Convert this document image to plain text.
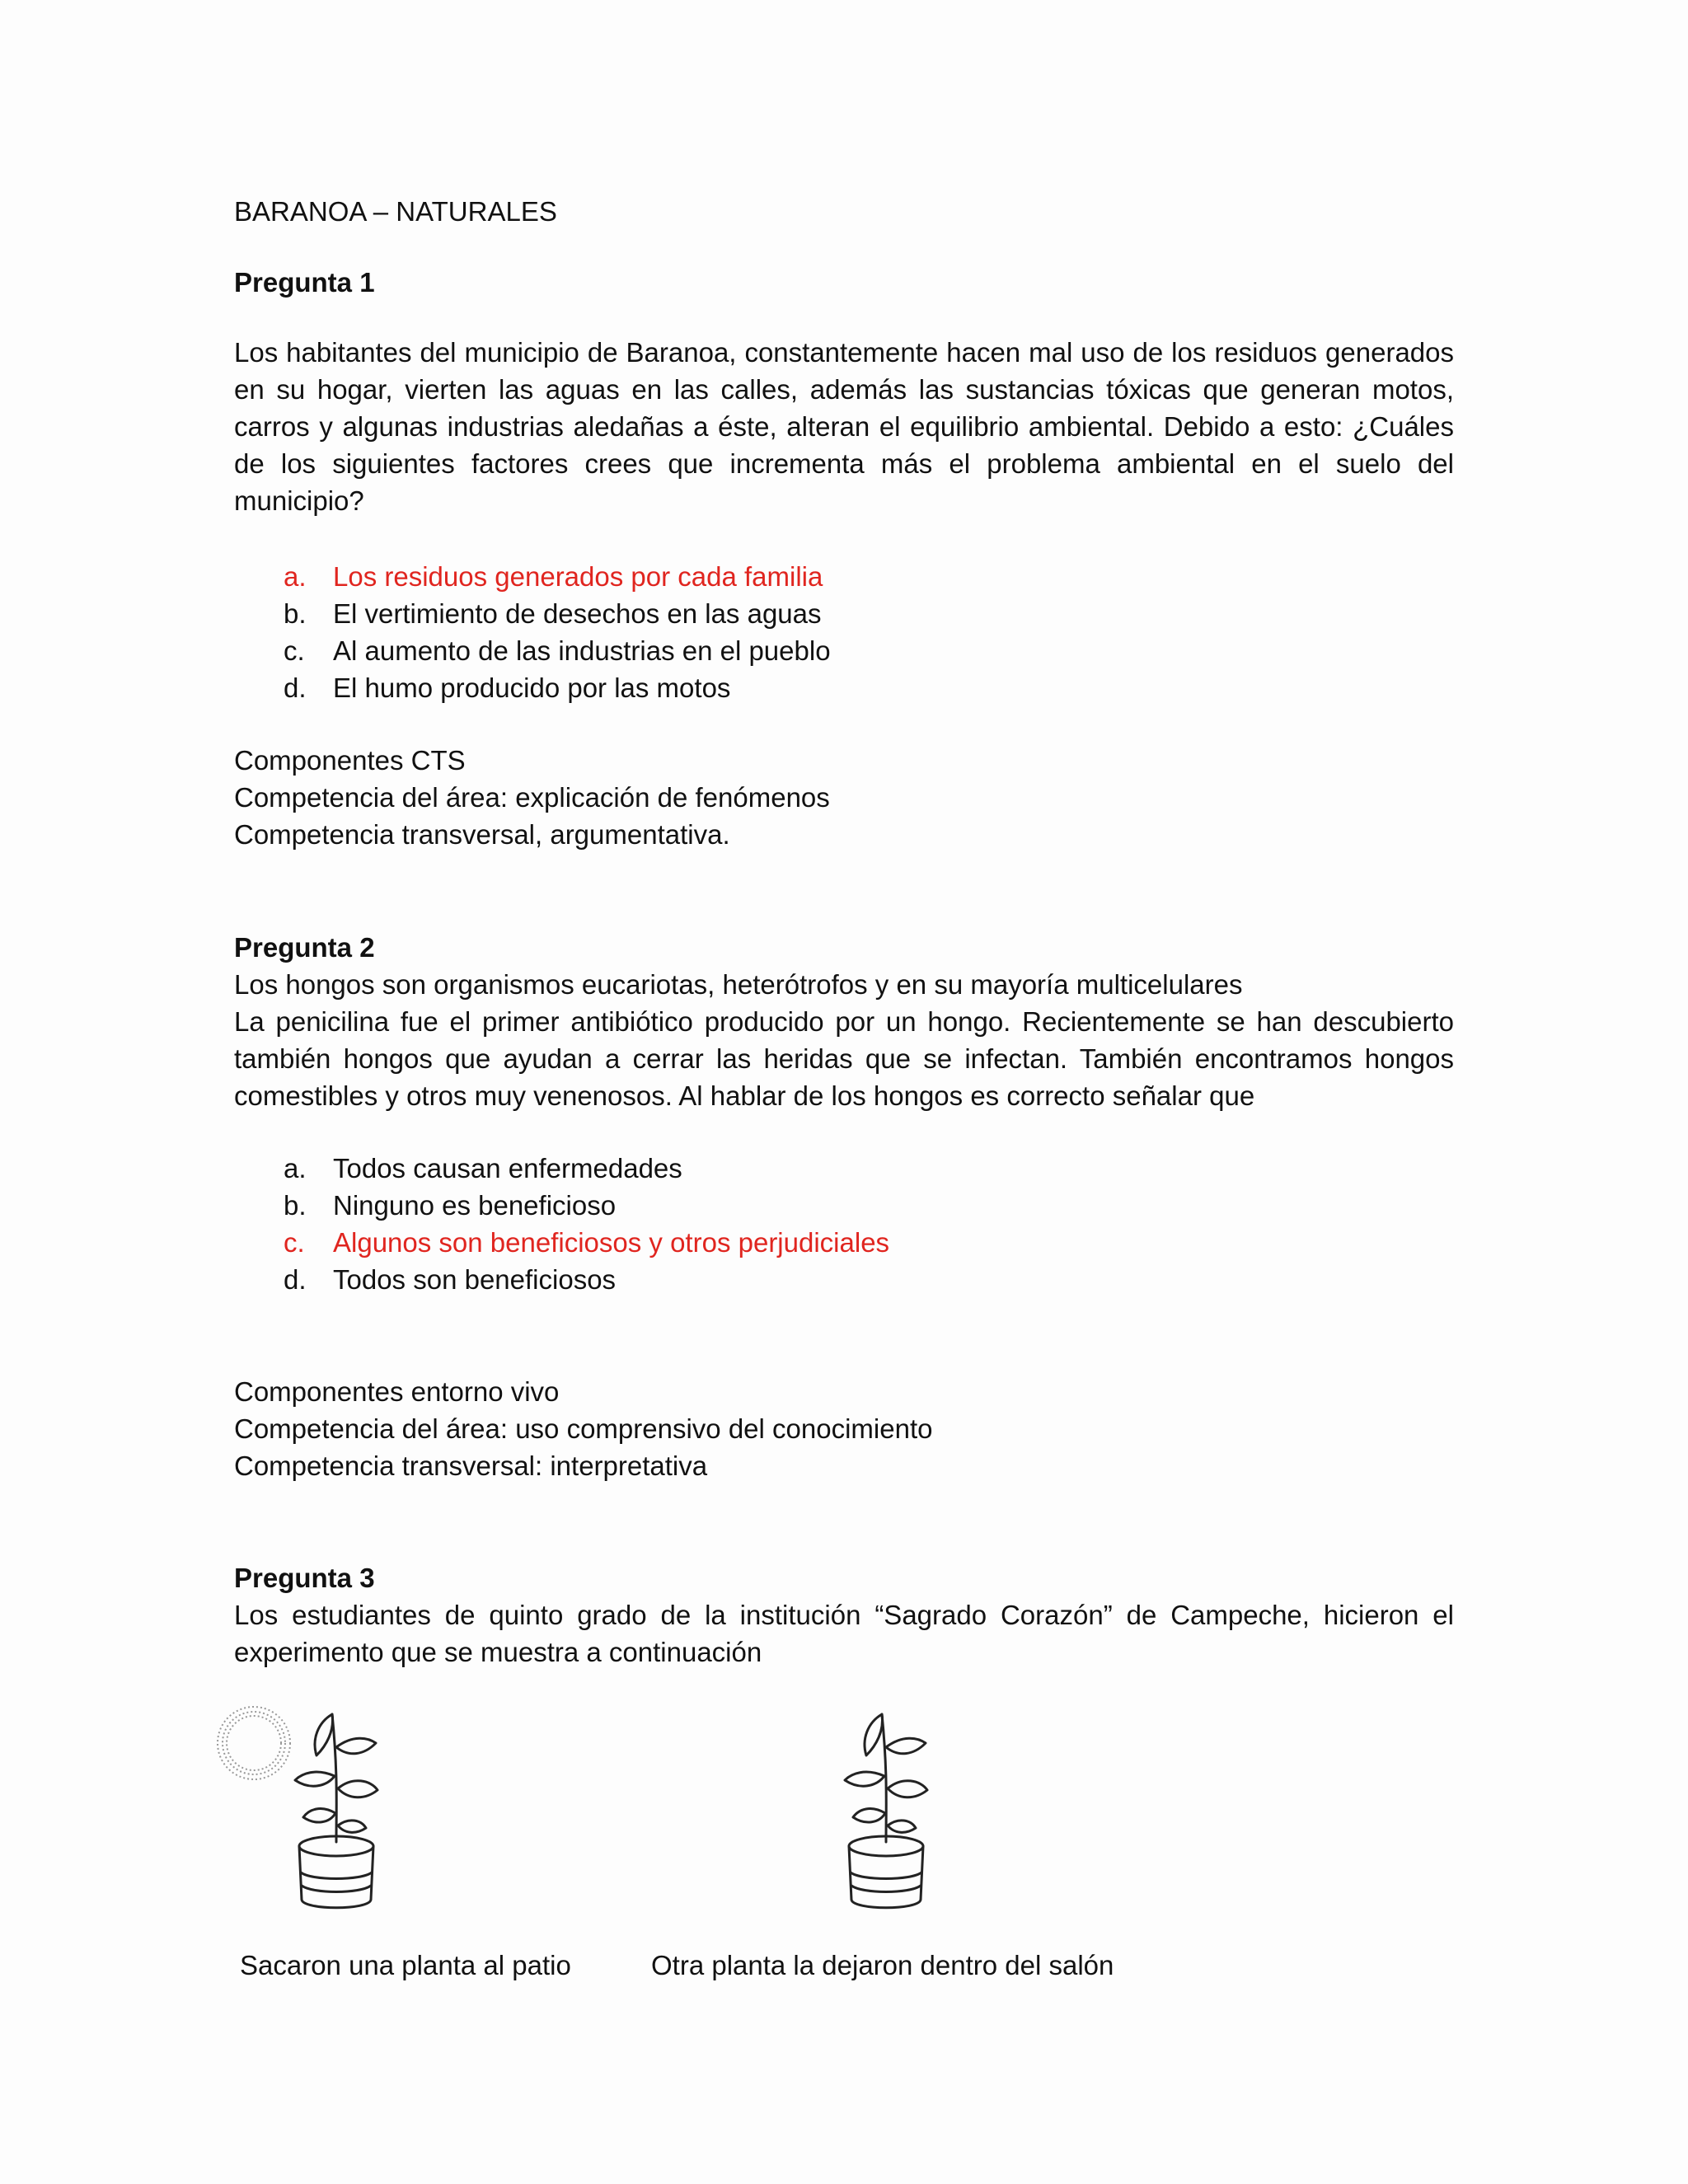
BARANOA – NATURALES

Pregunta 1

Los habitantes del municipio de Baranoa, constantemente hacen mal uso de los residuos generados en su hogar, vierten las aguas en las calles, además las sustancias tóxicas que generan motos, carros y algunas industrias aledañas a éste, alteran el equilibrio ambiental. Debido a esto: ¿Cuáles de los siguientes factores crees que incrementa más el problema ambiental en el suelo del municipio?

a. Los residuos generados por cada familia
b. El vertimiento de desechos en las aguas
c.	Al aumento de las industrias en el pueblo
d. El humo producido por las motos

Componentes CTS

Competencia del área: explicación de fenómenos

Competencia transversal, argumentativa.

Pregunta 2

Los hongos son organismos eucariotas, heterótrofos y en su mayoría multicelulares

La penicilina fue el primer antibiótico producido por un hongo. Recientemente se han descubierto también hongos que ayudan a cerrar las heridas que se infectan. También encontramos hongos comestibles y otros muy venenosos. Al hablar de los hongos es correcto señalar que

a. Todos causan enfermedades
b. Ninguno es beneficioso
c.	Algunos son beneficiosos y otros perjudiciales
d. Todos son beneficiosos

Componentes entorno vivo

Competencia del área: uso comprensivo del conocimiento

Competencia transversal: interpretativa

Pregunta 3

Los estudiantes de quinto grado de la institución “Sagrado Corazón” de Campeche, hicieron el experimento que se muestra a continuación

Sacaron una planta al patio	Otra planta la dejaron dentro del salón
